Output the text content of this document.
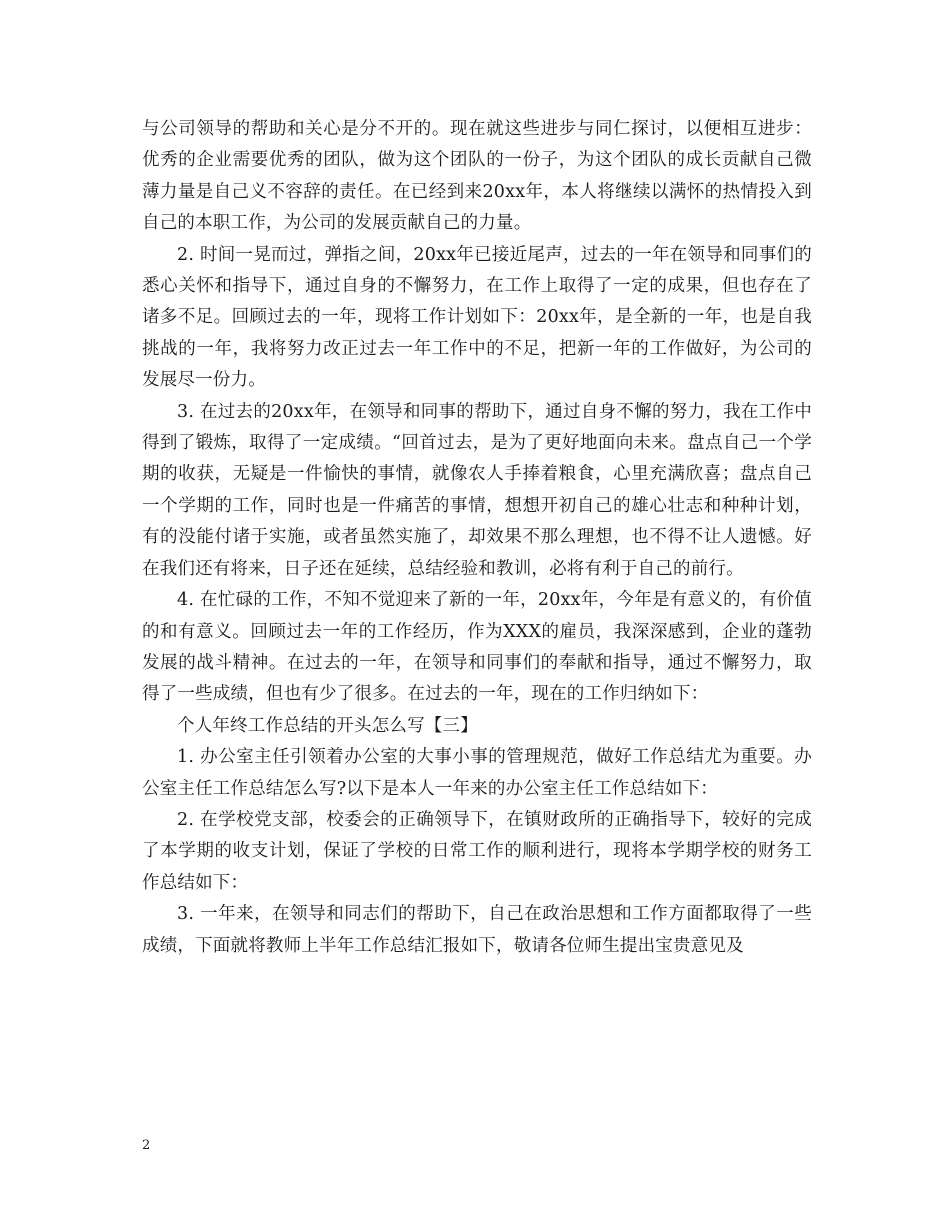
与公司领导的帮助和关心是分不开的。现在就这些进步与同仁探讨，以便相互进步：优秀的企业需要优秀的团队，做为这个团队的一份子，为这个团队的成长贡献自己微薄力量是自己义不容辞的责任。在已经到来20xx年，本人将继续以满怀的热情投入到自己的本职工作，为公司的发展贡献自己的力量。

2. 时间一晃而过，弹指之间，20xx年已接近尾声，过去的一年在领导和同事们的悉心关怀和指导下，通过自身的不懈努力，在工作上取得了一定的成果，但也存在了诸多不足。回顾过去的一年，现将工作计划如下：20xx年，是全新的一年，也是自我挑战的一年，我将努力改正过去一年工作中的不足，把新一年的工作做好，为公司的发展尽一份力。

3. 在过去的20xx年，在领导和同事的帮助下，通过自身不懈的努力，我在工作中得到了锻炼，取得了一定成绩。“回首过去，是为了更好地面向未来。盘点自己一个学期的收获，无疑是一件愉快的事情，就像农人手捧着粮食，心里充满欣喜；盘点自己一个学期的工作，同时也是一件痛苦的事情，想想开初自己的雄心壮志和种种计划，有的没能付诸于实施，或者虽然实施了，却效果不那么理想，也不得不让人遗憾。好在我们还有将来，日子还在延续，总结经验和教训，必将有利于自己的前行。

4. 在忙碌的工作，不知不觉迎来了新的一年，20xx年，今年是有意义的，有价值的和有意义。回顾过去一年的工作经历，作为XXX的雇员，我深深感到，企业的蓬勃发展的战斗精神。在过去的一年，在领导和同事们的奉献和指导，通过不懈努力，取得了一些成绩，但也有少了很多。在过去的一年，现在的工作归纳如下：

个人年终工作总结的开头怎么写【三】

1. 办公室主任引领着办公室的大事小事的管理规范，做好工作总结尤为重要。办公室主任工作总结怎么写?以下是本人一年来的办公室主任工作总结如下：

2. 在学校党支部，校委会的正确领导下，在镇财政所的正确指导下，较好的完成了本学期的收支计划，保证了学校的日常工作的顺利进行，现将本学期学校的财务工作总结如下：

3. 一年来，在领导和同志们的帮助下，自己在政治思想和工作方面都取得了一些成绩，下面就将教师上半年工作总结汇报如下，敬请各位师生提出宝贵意见及

2
